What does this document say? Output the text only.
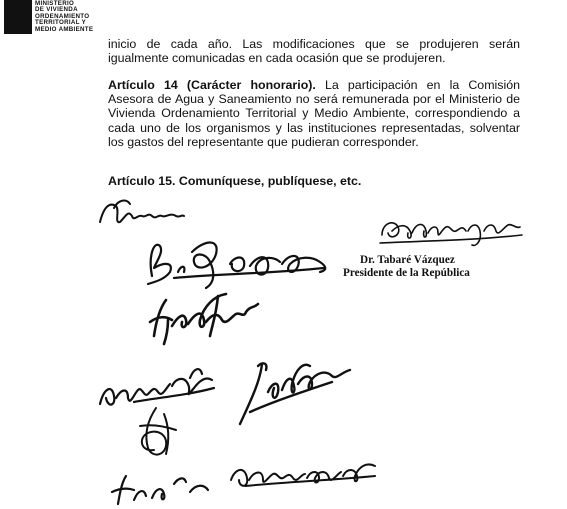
MINISTERIO
DE VIVIENDA
ORDENAMIENTO
TERRITORIAL Y
MEDIO AMBIENTE
inicio de cada año. Las modificaciones que se produjeren serán
igualmente comunicadas en cada ocasión que se produjeren.
Artículo 14 (Carácter honorario). La participación en la Comisión Asesora de Agua y Saneamiento no será remunerada por el Ministerio de Vivienda Ordenamiento Territorial y Medio Ambiente, correspondiendo a cada uno de los organismos y las instituciones representadas, solventar los gastos del representante que pudieran corresponder.
Artículo 15. Comuníquese, publíquese, etc.
Dr. Tabaré Vázquez
Presidente de la República
